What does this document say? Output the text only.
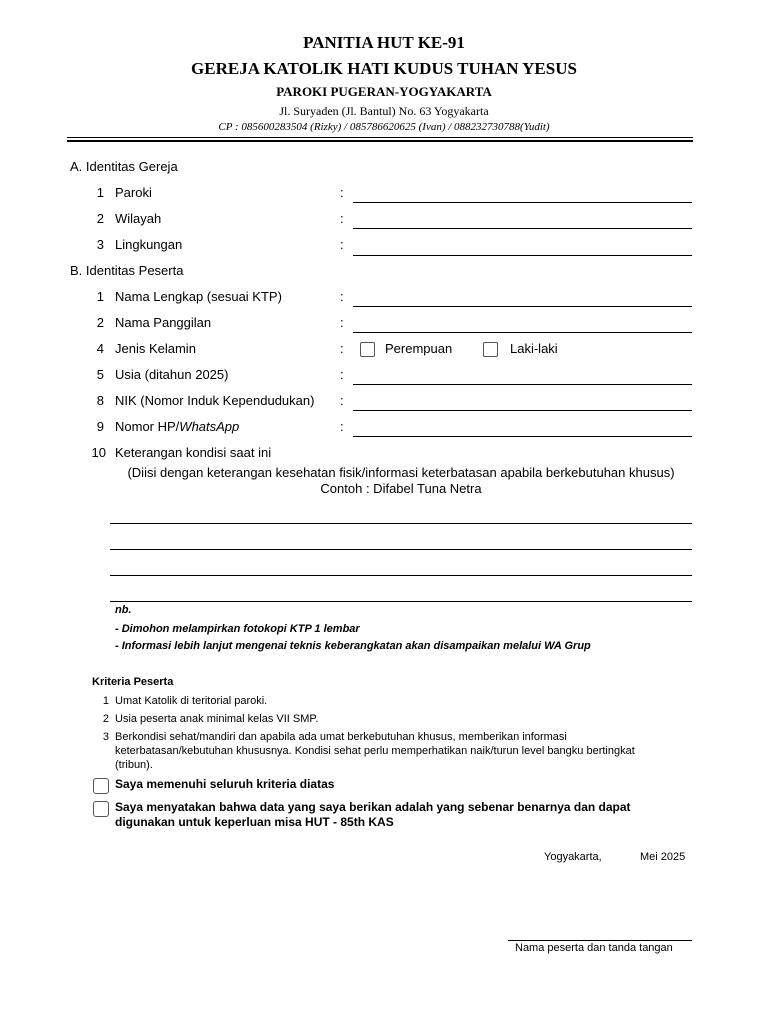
PANITIA HUT KE-91
GEREJA KATOLIK HATI KUDUS TUHAN YESUS
PAROKI PUGERAN-YOGYAKARTA
Jl. Suryaden (Jl. Bantul) No. 63 Yogyakarta
CP : 085600283504 (Rizky) / 085786620625 (Ivan) / 088232730788(Yudit)
A. Identitas Gereja
1 Paroki	:
2 Wilayah	:
3 Lingkungan	:
B. Identitas Peserta
1 Nama Lengkap (sesuai KTP)	:
2 Nama Panggilan	:
4 Jenis Kelamin	:	Perempuan	Laki-laki
5 Usia (ditahun 2025)	:
8 NIK (Nomor Induk Kependudukan) :
9 Nomor HP/WhatsApp	:
10 Keterangan kondisi saat ini
(Diisi dengan keterangan kesehatan fisik/informasi keterbatasan apabila berkebutuhan khusus)
Contoh : Difabel Tuna Netra
nb.
- Dimohon melampirkan fotokopi KTP 1 lembar
- Informasi lebih lanjut mengenai teknis keberangkatan akan disampaikan melalui WA Grup
Kriteria Peserta
1 Umat Katolik di teritorial paroki.
2 Usia peserta anak minimal kelas VII SMP.
3 Berkondisi sehat/mandiri dan apabila ada umat berkebutuhan khusus, memberikan informasi
keterbatasan/kebutuhan khususnya. Kondisi sehat perlu memperhatikan naik/turun level bangku bertingkat
(tribun).
Saya memenuhi seluruh kriteria diatas
Saya menyatakan bahwa data yang saya berikan adalah yang sebenar benarnya dan dapat
digunakan untuk keperluan misa HUT - 85th KAS
Yogyakarta,	Mei 2025
Nama peserta dan tanda tangan
